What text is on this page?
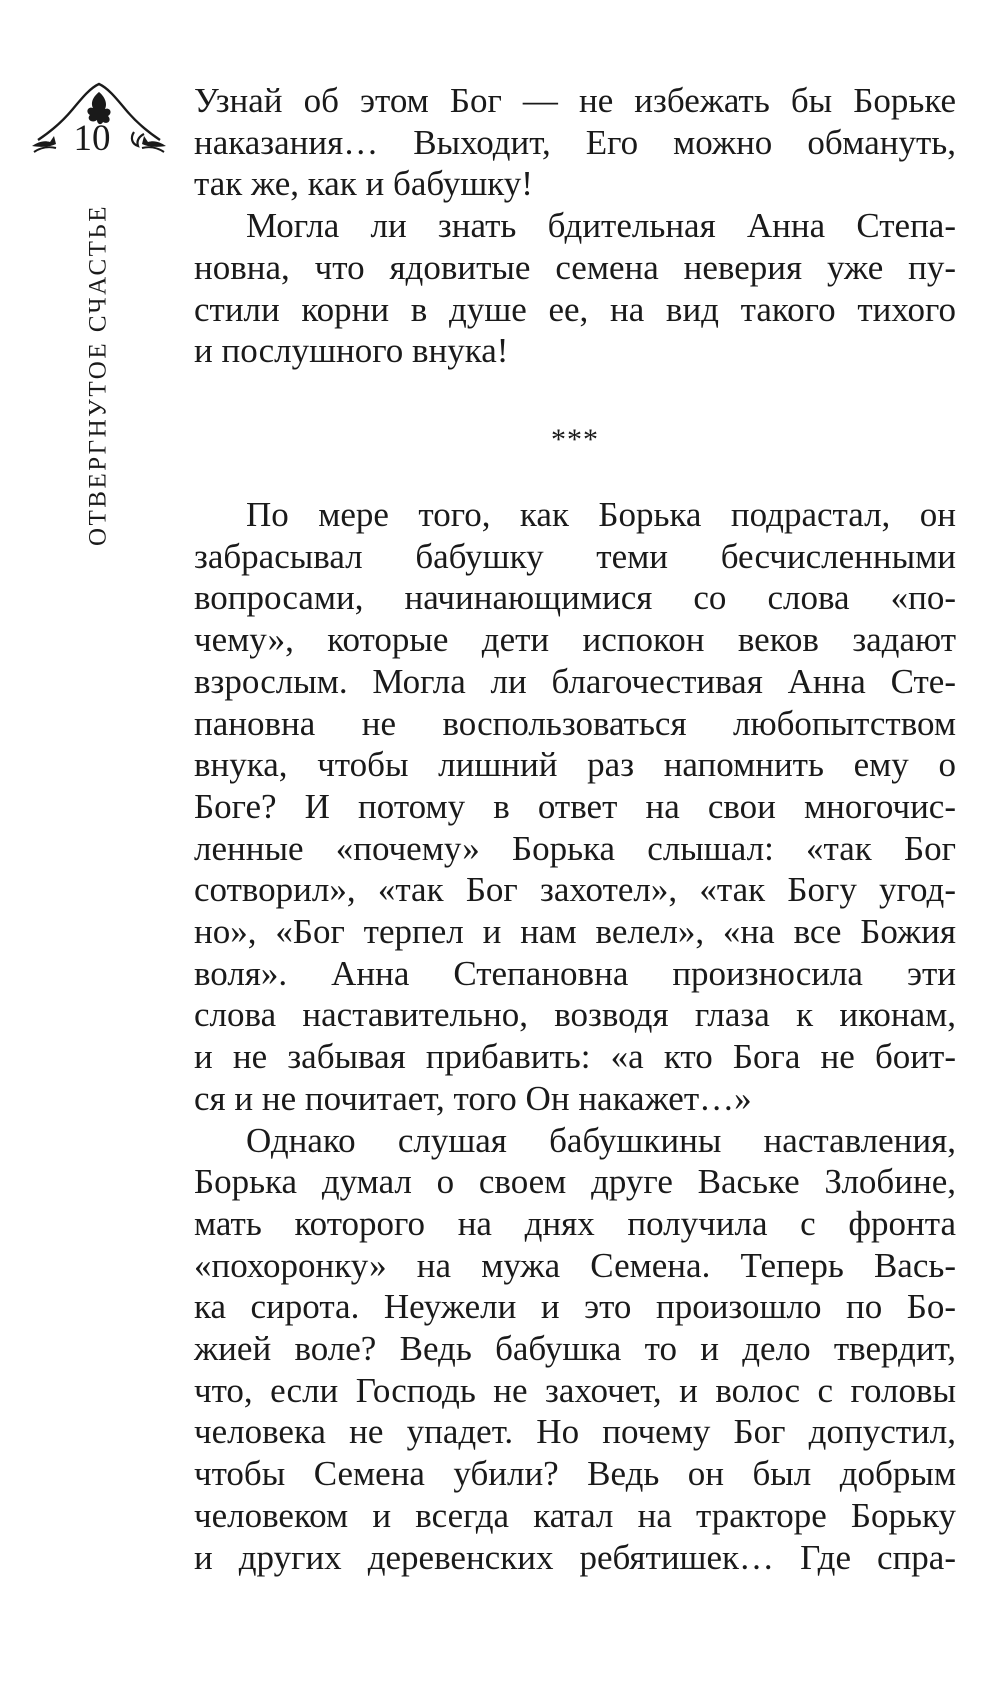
10
ОТВЕРГНУТОЕ СЧАСТЬЕ
Узнай об этом Бог — не избежать бы Борьке
наказания… Выходит, Его можно обмануть,
так же, как и бабушку!
Могла ли знать бдительная Анна Степа-
новна, что ядовитые семена неверия уже пу-
стили корни в душе ее, на вид такого тихого
и послушного внука!
***
По мере того, как Борька подрастал, он
забрасывал бабушку теми бесчисленными
вопросами, начинающимися со слова «по-
чему», которые дети испокон веков задают
взрослым. Могла ли благочестивая Анна Сте-
пановна не воспользоваться любопытством
внука, чтобы лишний раз напомнить ему о
Боге? И потому в ответ на свои многочис-
ленные «почему» Борька слышал: «так Бог
сотворил», «так Бог захотел», «так Богу угод-
но», «Бог терпел и нам велел», «на все Божия
воля». Анна Степановна произносила эти
слова наставительно, возводя глаза к иконам,
и не забывая прибавить: «а кто Бога не боит-
ся и не почитает, того Он накажет…»
Однако слушая бабушкины наставления,
Борька думал о своем друге Ваське Злобине,
мать которого на днях получила с фронта
«похоронку» на мужа Семена. Теперь Вась-
ка сирота. Неужели и это произошло по Бо-
жией воле? Ведь бабушка то и дело твердит,
что, если Господь не захочет, и волос с головы
человека не упадет. Но почему Бог допустил,
чтобы Семена убили? Ведь он был добрым
человеком и всегда катал на тракторе Борьку
и других деревенских ребятишек… Где спра-
